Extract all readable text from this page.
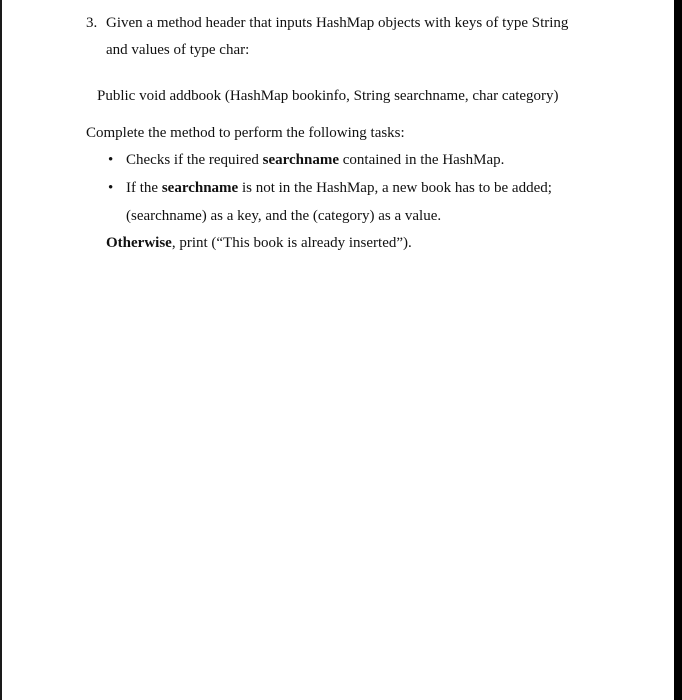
3. Given a method header that inputs HashMap objects with keys of type String
and values of type char:
Public void addbook (HashMap bookinfo, String searchname, char category)
Complete the method to perform the following tasks:
• Checks if the required searchname contained in the HashMap.
• If the searchname is not in the HashMap, a new book has to be added;
(searchname) as a key, and the (category) as a value.
Otherwise, print (“This book is already inserted”).
